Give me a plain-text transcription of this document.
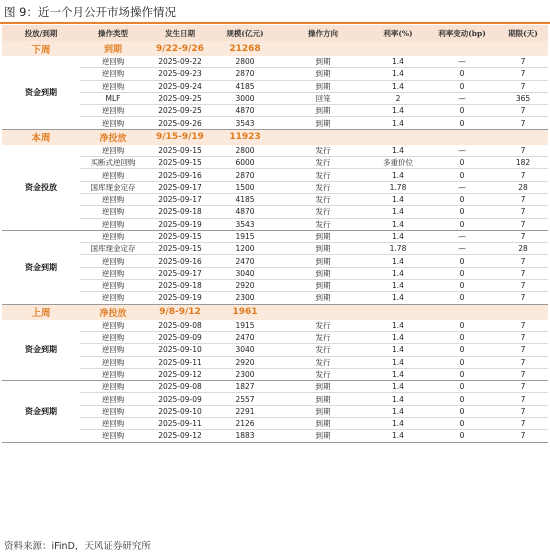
图 9：近一个月公开市场操作情况
投放/到期	操作类型	发生日期	规模(亿元)	操作方向	利率(%)	利率变动(bp)	期限(天)
下周	到期	9/22-9/26	21268				
资金到期	逆回购	2025-09-22	2800	到期	1.4	—	7
	逆回购	2025-09-23	2870	到期	1.4	0	7
	逆回购	2025-09-24	4185	到期	1.4	0	7
	MLF	2025-09-25	3000	回笼	2	—	365
	逆回购	2025-09-25	4870	到期	1.4	0	7
	逆回购	2025-09-26	3543	到期	1.4	0	7
本周	净投放	9/15-9/19	11923				
资金投放	逆回购	2025-09-15	2800	发行	1.4	—	7
	买断式逆回购	2025-09-15	6000	发行	多重价位	0	182
	逆回购	2025-09-16	2870	发行	1.4	0	7
	国库现金定存	2025-09-17	1500	发行	1.78	—	28
	逆回购	2025-09-17	4185	发行	1.4	0	7
	逆回购	2025-09-18	4870	发行	1.4	0	7
	逆回购	2025-09-19	3543	发行	1.4	0	7
资金到期	逆回购	2025-09-15	1915	到期	1.4	—	7
	国库现金定存	2025-09-15	1200	到期	1.78	—	28
	逆回购	2025-09-16	2470	到期	1.4	0	7
	逆回购	2025-09-17	3040	到期	1.4	0	7
	逆回购	2025-09-18	2920	到期	1.4	0	7
	逆回购	2025-09-19	2300	到期	1.4	0	7
上周	净投放	9/8-9/12	1961				
资金到期	逆回购	2025-09-08	1915	发行	1.4	0	7
	逆回购	2025-09-09	2470	发行	1.4	0	7
	逆回购	2025-09-10	3040	发行	1.4	0	7
	逆回购	2025-09-11	2920	发行	1.4	0	7
	逆回购	2025-09-12	2300	发行	1.4	0	7
资金到期	逆回购	2025-09-08	1827	到期	1.4	0	7
	逆回购	2025-09-09	2557	到期	1.4	0	7
	逆回购	2025-09-10	2291	到期	1.4	0	7
	逆回购	2025-09-11	2126	到期	1.4	0	7
	逆回购	2025-09-12	1883	到期	1.4	0	7
资料来源：iFinD，天风证券研究所
